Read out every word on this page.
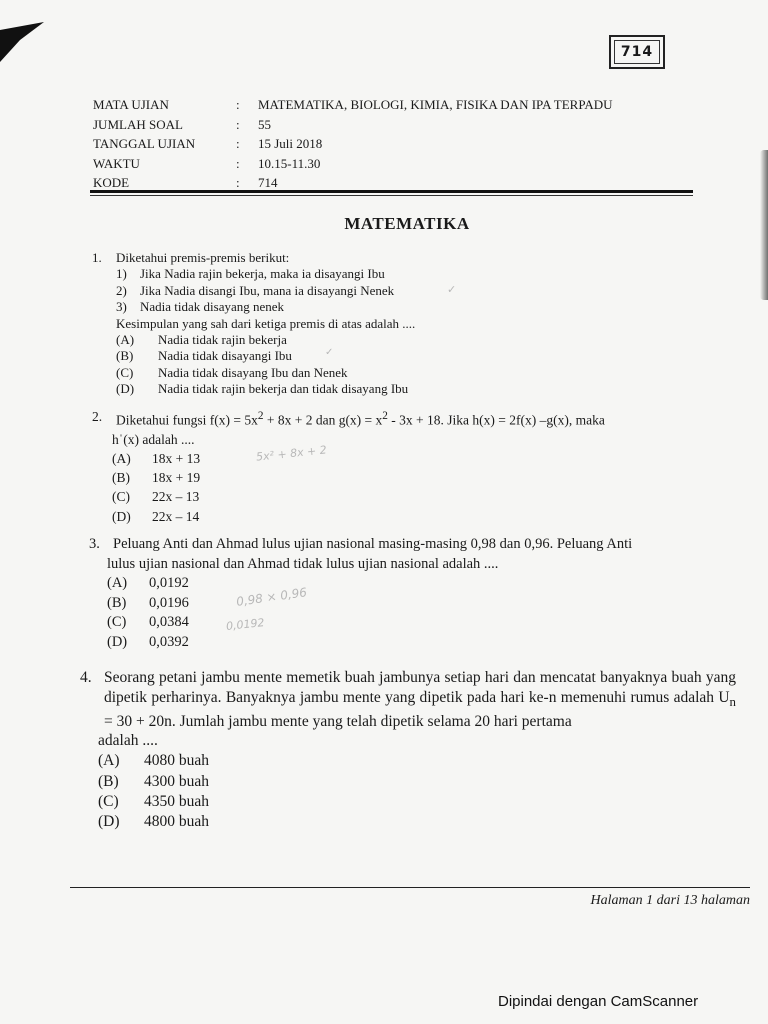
714
MATA UJIAN	:	MATEMATIKA, BIOLOGI, KIMIA, FISIKA DAN IPA TERPADU
JUMLAH SOAL	:	55
TANGGAL UJIAN	:	15 Juli 2018
WAKTU	:	10.15-11.30
KODE	:	714
MATEMATIKA
1.	Diketahui premis-premis berikut:
1)	Jika Nadia rajin bekerja, maka ia disayangi Ibu
2)	Jika Nadia disangi Ibu, mana ia disayangi Nenek
3)	Nadia tidak disayang nenek
Kesimpulan yang sah dari ketiga premis di atas adalah ....
(A)	Nadia tidak rajin bekerja
(B)	Nadia tidak disayangi Ibu
(C)	Nadia tidak disayang Ibu dan Nenek
(D)	Nadia tidak rajin bekerja dan tidak disayang Ibu
2.	Diketahui fungsi $f(x) = 5x^2 + 8x + 2$ dan $g(x) = x^2 - 3x + 18$. Jika h(x) = 2f(x) –g(x), maka
hˈ(x) adalah ....
(A)	18x + 13
(B)	18x + 19
(C)	22x – 13
(D)	22x – 14
3. Peluang Anti dan Ahmad lulus ujian nasional masing-masing 0,98 dan 0,96. Peluang Anti
lulus ujian nasional dan Ahmad tidak lulus ujian nasional adalah ....
(A)	0,0192
(B)	0,0196
(C)	0,0384
(D)	0,0392
4. Seorang petani jambu mente memetik buah jambunya setiap hari dan mencatat banyaknya buah yang dipetik perharinya. Banyaknya jambu mente yang dipetik pada hari ke-n memenuhi rumus adalah $U_n = 30 + 20n$. Jumlah jambu mente yang telah dipetik selama 20 hari pertama
adalah ....
(A)	4080 buah
(B)	4300 buah
(C)	4350 buah
(D)	4800 buah
✓
✓
5x² + 8x + 2
0,98 × 0,96
0,0192
Halaman 1 dari 13 halaman
Dipindai dengan CamScanner
